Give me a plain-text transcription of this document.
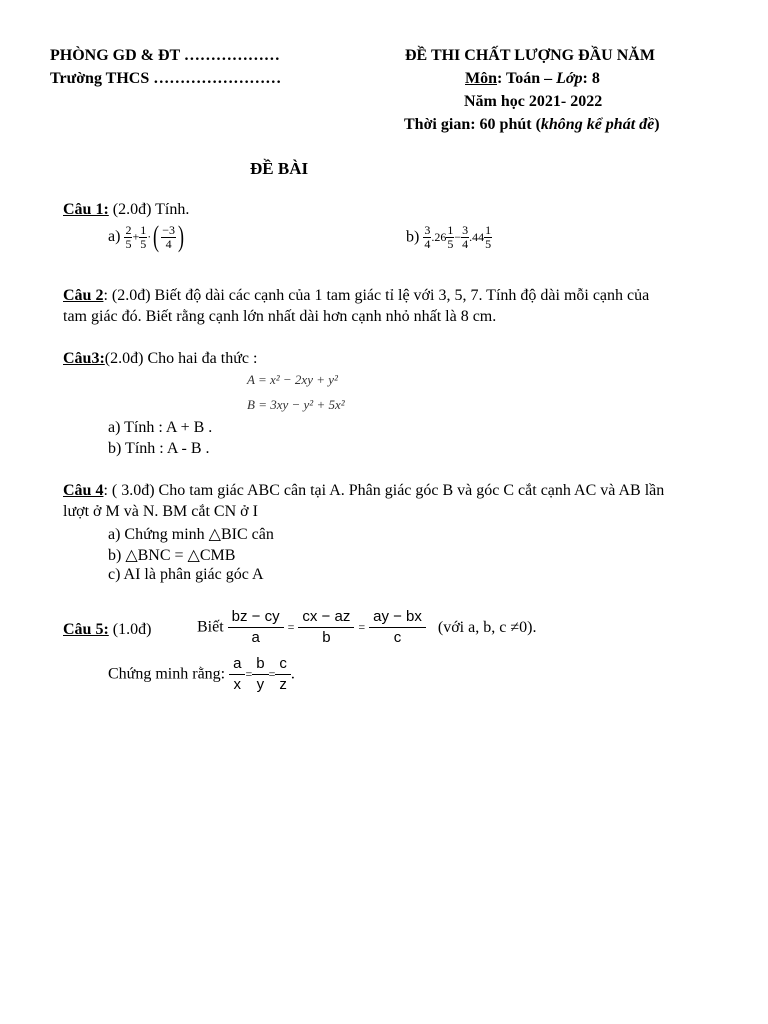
PHÒNG GD & ĐT ………………
Trường THCS ……………………
ĐỀ THI CHẤT LƯỢNG ĐẦU NĂM
Môn: Toán – Lớp: 8
Năm học 2021- 2022
Thời gian: 60 phút (không kể phát đề)
ĐỀ BÀI
Câu 1: (2.0đ) Tính.
$a) \frac{2}{5} + \frac{1}{5}$ ·( $\frac{-3}{4}$ )	$b) \frac{3}{4} .26 \frac{1}{5} - \frac{3}{4} .44 \frac{1}{5}$
Câu 2: (2.0đ) Biết độ dài các cạnh của 1 tam giác tỉ lệ với 3, 5, 7. Tính độ dài mỗi cạnh của
tam giác đó. Biết rằng cạnh lớn nhất dài hơn cạnh nhỏ nhất là 8 cm.
Câu3:(2.0đ) Cho hai đa thức :
A = x² − 2xy + y²
B = 3xy − y² + 5x²
a) Tính : A + B .
b) Tính : A - B .
Câu 4: ( 3.0đ) Cho tam giác ABC cân tại A. Phân giác góc B và góc C cắt cạnh AC và AB lần
lượt ở M và N. BM cắt CN ở I
a) Chứng minh △BIC cân
b) △BNC = △CMB
c) AI là phân giác góc A
Câu 5: (1.0đ)	Biết $\frac{bz - cy}{a} = \frac{cx - az}{b} = \frac{ay - bx}{c}$ (với a, b, c ≠0).
Chứng minh rằng: $\frac{a}{x} = \frac{b}{y} = \frac{c}{z}$ .
